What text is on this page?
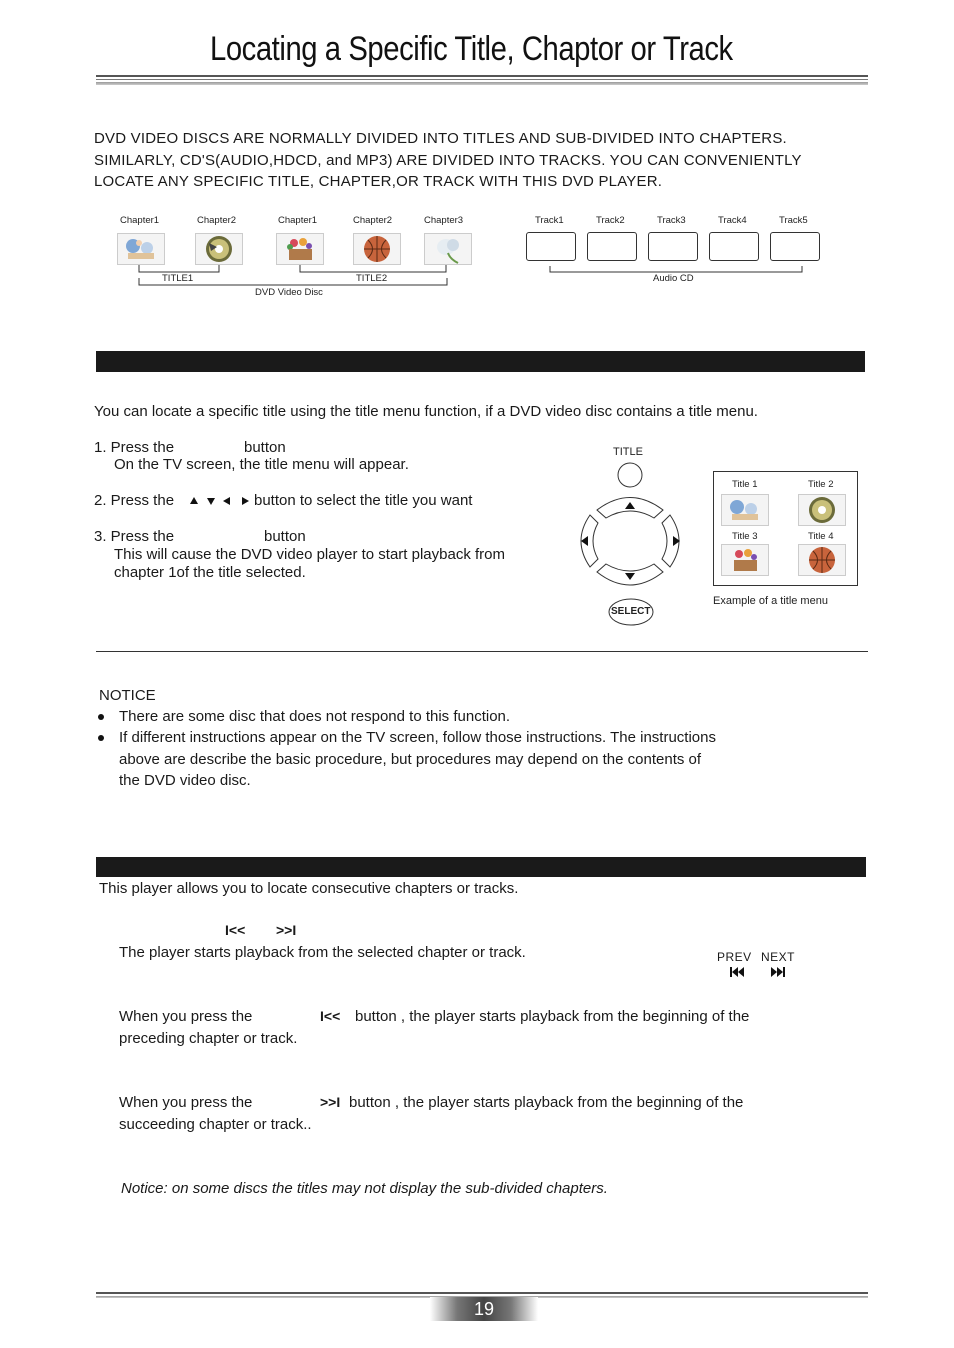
Locating a Specific Title, Chaptor or Track
DVD VIDEO DISCS ARE NORMALLY DIVIDED INTO TITLES AND SUB-DIVIDED INTO CHAPTERS.
SIMILARLY, CD'S(AUDIO,HDCD, and MP3) ARE DIVIDED INTO TRACKS. YOU CAN CONVENIENTLY
LOCATE ANY SPECIFIC TITLE, CHAPTER,OR TRACK WITH THIS DVD PLAYER.
Chapter1	Chapter2	Chapter1	Chapter2	Chapter3
TITLE1	TITLE2
DVD Video Disc
Track1	Track2	Track3	Track4	Track5
Audio CD
You can locate a specific title using the title menu function, if a DVD video disc contains a title menu.
1. Press the	button
On the TV screen, the title menu will appear.
2. Press the	button to select the title you want
3. Press the	button
This will cause the DVD video player to start playback from
chapter 1of the title selected.
TITLE
SELECT
Title 1	Title 2
Title 3	Title 4
Example of a title menu
NOTICE
There are some disc that does not respond to this function.
If different instructions appear on the TV screen, follow those instructions. The instructions
above are describe the basic procedure, but procedures may depend on the contents of
the DVD video disc.
This player allows you to locate consecutive chapters or tracks.
I<< >>I
The player starts playback from the selected chapter or track.	PREV NEXT
When you press the	I<< button , the player starts playback from the beginning of the
preceding chapter or track.
When you press the	>>I button , the player starts playback from the beginning of the
succeeding chapter or track..
Notice: on some discs the titles may not display the sub-divided chapters.
19
